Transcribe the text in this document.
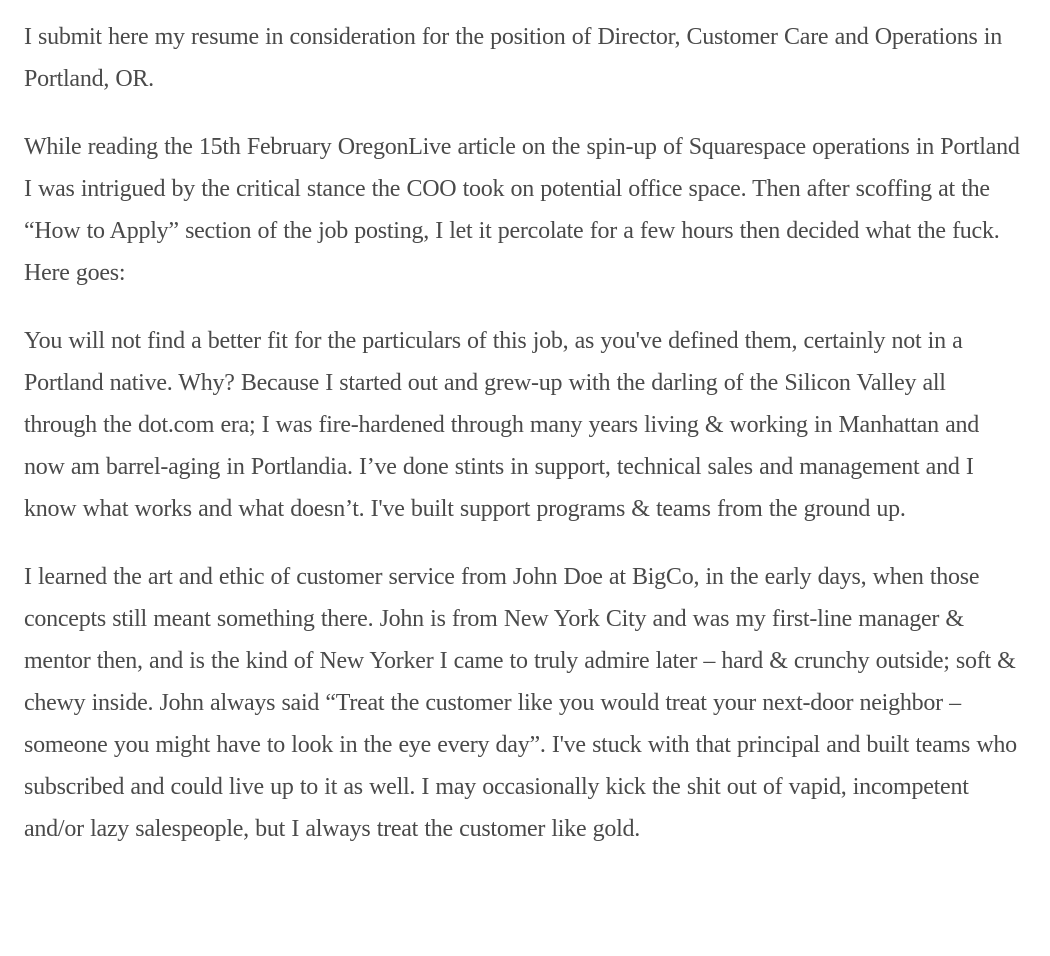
I submit here my resume in consideration for the position of Director, Customer Care and Operations in Portland, OR.

While reading the 15th February OregonLive article on the spin-up of Squarespace operations in Portland I was intrigued by the critical stance the COO took on potential office space. Then after scoffing at the “How to Apply” section of the job posting, I let it percolate for a few hours then decided what the fuck. Here goes:

You will not find a better fit for the particulars of this job, as you've defined them, certainly not in a Portland native. Why? Because I started out and grew-up with the darling of the Silicon Valley all through the dot.com era; I was fire-hardened through many years living & working in Manhattan and now am barrel-aging in Portlandia. I’ve done stints in support, technical sales and management and I know what works and what doesn’t. I've built support programs & teams from the ground up.

I learned the art and ethic of customer service from John Doe at BigCo, in the early days, when those concepts still meant something there. John is from New York City and was my first-line manager & mentor then, and is the kind of New Yorker I came to truly admire later – hard & crunchy outside; soft & chewy inside. John always said “Treat the customer like you would treat your next-door neighbor – someone you might have to look in the eye every day”. I've stuck with that principal and built teams who subscribed and could live up to it as well. I may occasionally kick the shit out of vapid, incompetent and/or lazy salespeople, but I always treat the customer like gold.
